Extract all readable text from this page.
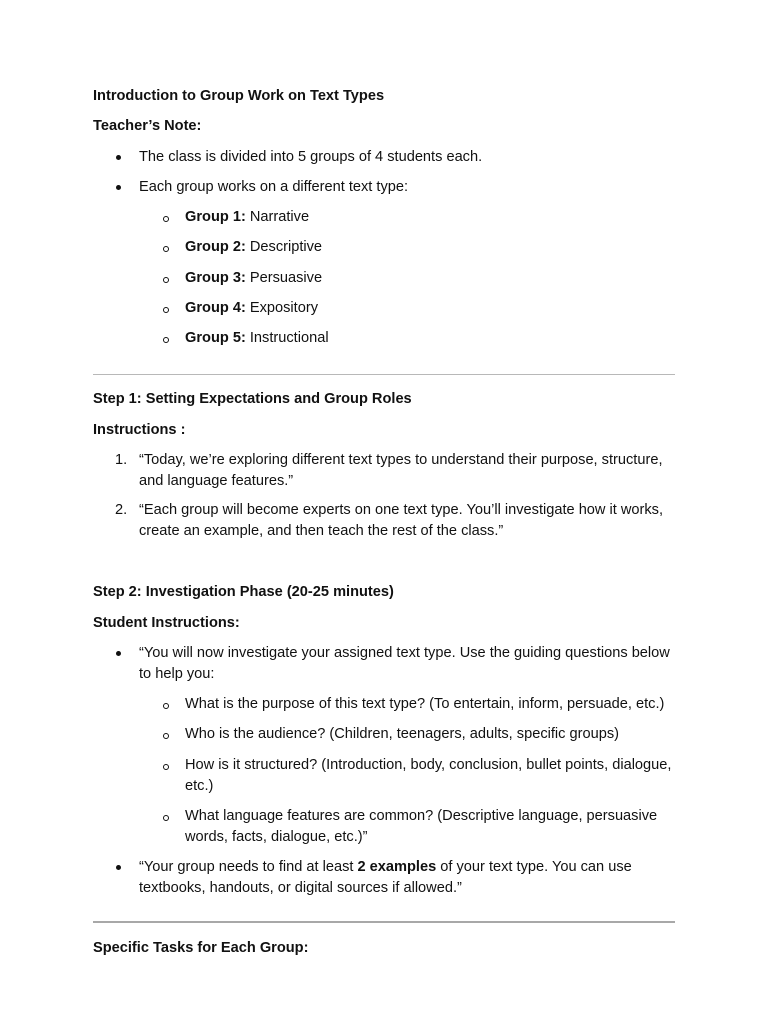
Introduction to Group Work on Text Types
Teacher’s Note:
The class is divided into 5 groups of 4 students each.
Each group works on a different text type:
Group 1: Narrative
Group 2: Descriptive
Group 3: Persuasive
Group 4: Expository
Group 5: Instructional
Step 1: Setting Expectations and Group Roles
Instructions :
1. “Today, we’re exploring different text types to understand their purpose, structure, and language features.”
2. “Each group will become experts on one text type. You’ll investigate how it works, create an example, and then teach the rest of the class.”
Step 2: Investigation Phase (20-25 minutes)
Student Instructions:
“You will now investigate your assigned text type. Use the guiding questions below to help you:
What is the purpose of this text type? (To entertain, inform, persuade, etc.)
Who is the audience? (Children, teenagers, adults, specific groups)
How is it structured? (Introduction, body, conclusion, bullet points, dialogue, etc.)
What language features are common? (Descriptive language, persuasive words, facts, dialogue, etc.)”
“Your group needs to find at least 2 examples of your text type. You can use textbooks, handouts, or digital sources if allowed.”
Specific Tasks for Each Group:
